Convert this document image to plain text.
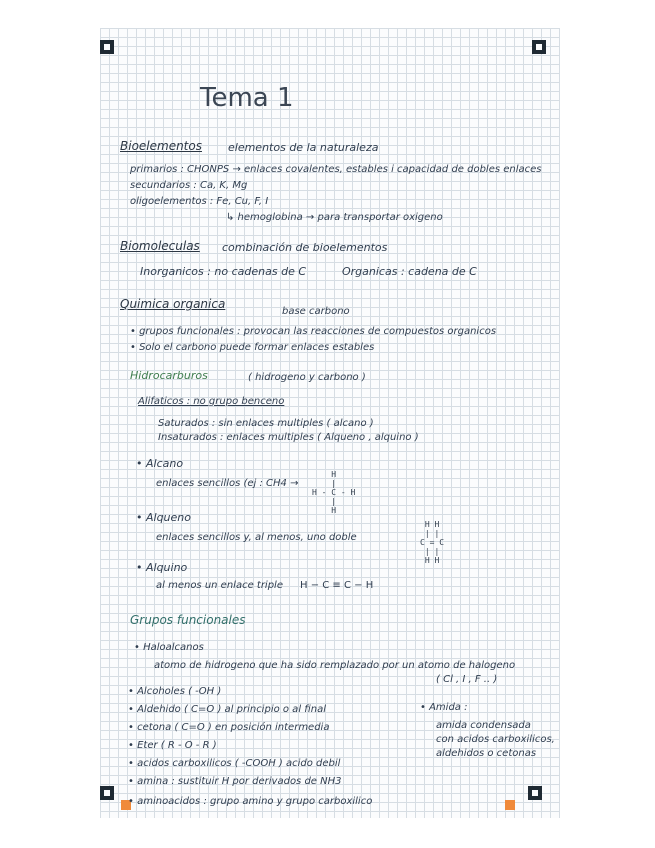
Tema 1
Bioelementos elementos de la naturaleza
primarios : CHONPS → enlaces covalentes, estables i capacidad de dobles enlaces
secundarios : Ca, K, Mg
oligoelementos : Fe, Cu, F, I
↳ hemoglobina → para transportar oxigeno
Biomoleculas combinación de bioelementos
Inorganicos : no cadenas de C	Organicas : cadena de C
Quimica organica
base carbono
• grupos funcionales : provocan las reacciones de compuestos organicos
• Solo el carbono puede formar enlaces estables
Hidrocarburos	( hidrogeno y carbono )
Alifaticos : no grupo benceno
Saturados : sin enlaces multiples ( alcano )
Insaturados : enlaces multiples ( Alqueno , alquino )
• Alcano
enlaces sencillos (ej : CH4 →
H
|
H - C - H
|
H
• Alqueno
enlaces sencillos y, al menos, uno doble
H H
| |
C = C
| |
H H
• Alquino
al menos un enlace triple H − C ≡ C − H
Grupos funcionales
• Haloalcanos
atomo de hidrogeno que ha sido remplazado por un atomo de halogeno
( Cl , I , F .. )
• Alcoholes ( -OH )
• Aldehido ( C=O ) al principio o al final
• cetona ( C=O ) en posición intermedia
• Eter ( R - O - R )
• acidos carboxilicos ( -COOH ) acido debil
• amina : sustituir H por derivados de NH3
• aminoacidos : grupo amino y grupo carboxilico
• Amida :
amida condensada
con acidos carboxilicos,
aldehidos o cetonas
